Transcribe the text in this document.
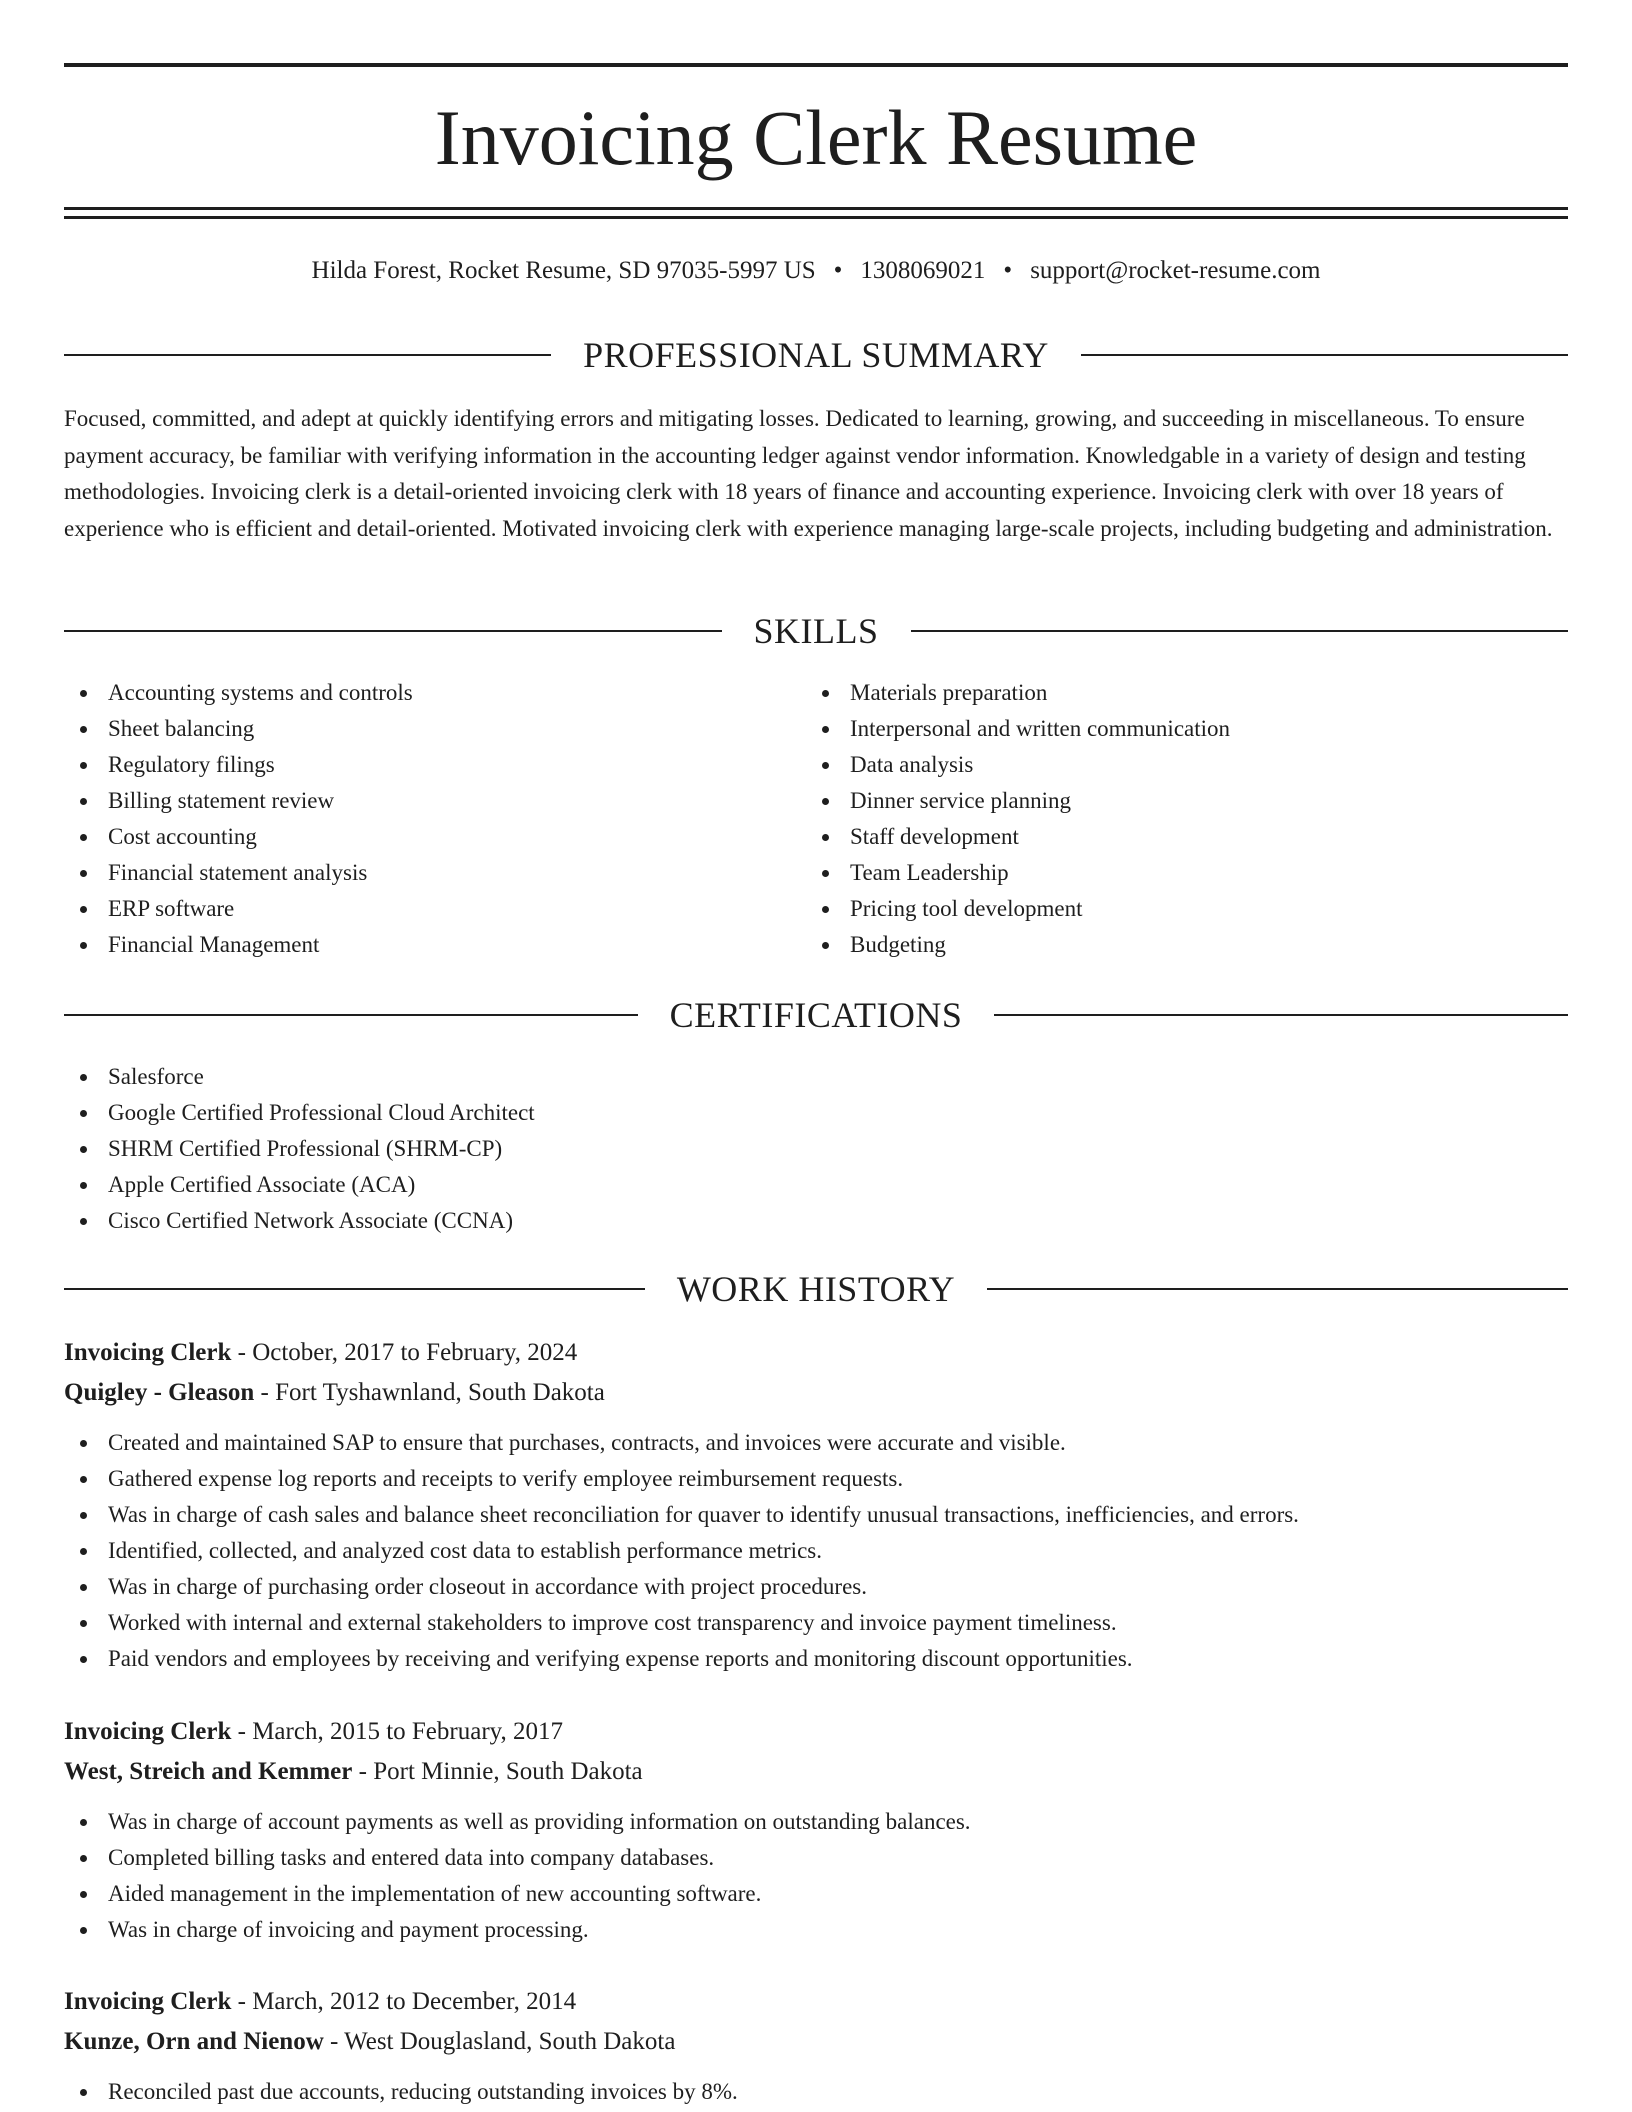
Invoicing Clerk Resume

Hilda Forest, Rocket Resume, SD 97035-5997 US • 1308069021 • support@rocket-resume.com

PROFESSIONAL SUMMARY

Focused, committed, and adept at quickly identifying errors and mitigating losses. Dedicated to learning, growing, and succeeding in miscellaneous. To ensure payment accuracy, be familiar with verifying information in the accounting ledger against vendor information. Knowledgable in a variety of design and testing methodologies. Invoicing clerk is a detail-oriented invoicing clerk with 18 years of finance and accounting experience. Invoicing clerk with over 18 years of experience who is efficient and detail-oriented. Motivated invoicing clerk with experience managing large-scale projects, including budgeting and administration.

SKILLS
Accounting systems and controls
Sheet balancing
Regulatory filings
Billing statement review
Cost accounting
Financial statement analysis
ERP software
Financial Management
Materials preparation
Interpersonal and written communication
Data analysis
Dinner service planning
Staff development
Team Leadership
Pricing tool development
Budgeting
CERTIFICATIONS
Salesforce
Google Certified Professional Cloud Architect
SHRM Certified Professional (SHRM-CP)
Apple Certified Associate (ACA)
Cisco Certified Network Associate (CCNA)
WORK HISTORY

Invoicing Clerk - October, 2017 to February, 2024

Quigley - Gleason - Fort Tyshawnland, South Dakota

Created and maintained SAP to ensure that purchases, contracts, and invoices were accurate and visible.
Gathered expense log reports and receipts to verify employee reimbursement requests.
Was in charge of cash sales and balance sheet reconciliation for quaver to identify unusual transactions, inefficiencies, and errors.
Identified, collected, and analyzed cost data to establish performance metrics.
Was in charge of purchasing order closeout in accordance with project procedures.
Worked with internal and external stakeholders to improve cost transparency and invoice payment timeliness.
Paid vendors and employees by receiving and verifying expense reports and monitoring discount opportunities.

Invoicing Clerk - March, 2015 to February, 2017

West, Streich and Kemmer - Port Minnie, South Dakota

Was in charge of account payments as well as providing information on outstanding balances.
Completed billing tasks and entered data into company databases.
Aided management in the implementation of new accounting software.
Was in charge of invoicing and payment processing.

Invoicing Clerk - March, 2012 to December, 2014

Kunze, Orn and Nienow - West Douglasland, South Dakota

Reconciled past due accounts, reducing outstanding invoices by 8%.
